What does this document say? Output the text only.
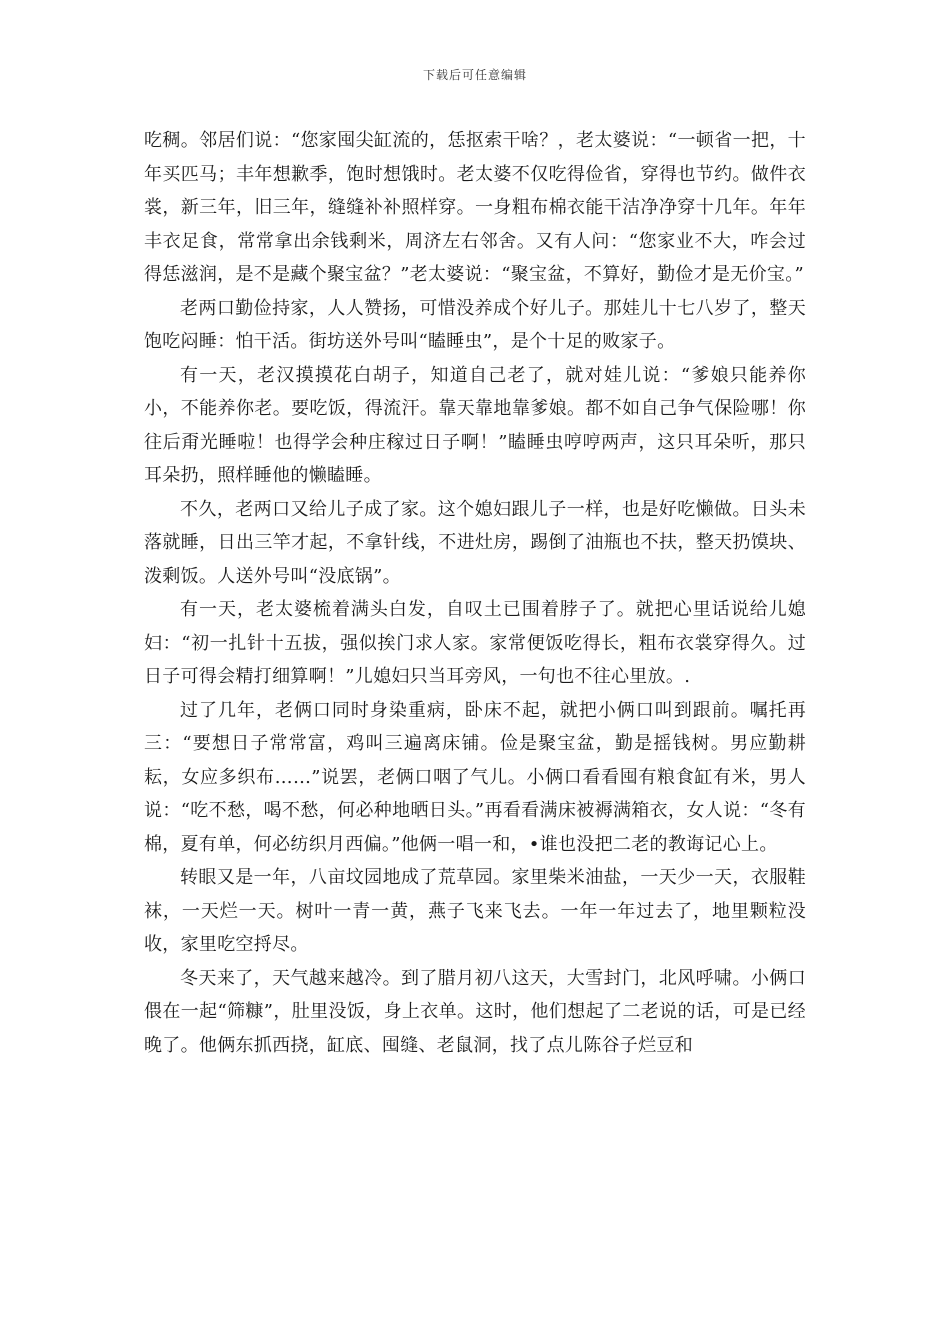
下载后可任意编辑

吃稠。邻居们说：“您家囤尖缸流的，恁抠索干啥？，老太婆说：“一顿省一把，十年买匹马；丰年想歉季，饱时想饿时。老太婆不仅吃得俭省，穿得也节约。做件衣裳，新三年，旧三年，缝缝补补照样穿。一身粗布棉衣能干洁净净穿十几年。年年丰衣足食，常常拿出余钱剩米，周济左右邻舍。又有人问：“您家业不大，咋会过得恁滋润，是不是藏个聚宝盆？”老太婆说：“聚宝盆，不算好，勤俭才是无价宝。”

老两口勤俭持家，人人赞扬，可惜没养成个好儿子。那娃儿十七八岁了，整天饱吃闷睡：怕干活。街坊送外号叫“瞌睡虫”，是个十足的败家子。

有一天，老汉摸摸花白胡子，知道自己老了，就对娃儿说：“爹娘只能养你小，不能养你老。要吃饭，得流汗。靠天靠地靠爹娘。都不如自己争气保险哪！你往后甭光睡啦！也得学会种庄稼过日子啊！”瞌睡虫哼哼两声，这只耳朵听，那只耳朵扔，照样睡他的懒瞌睡。

不久，老两口又给儿子成了家。这个媳妇跟儿子一样，也是好吃懒做。日头未落就睡，日出三竿才起，不拿针线，不进灶房，踢倒了油瓶也不扶，整天扔馍块、泼剩饭。人送外号叫“没底锅”。

有一天，老太婆梳着满头白发，自叹土已围着脖子了。就把心里话说给儿媳妇：“初一扎针十五拔，强似挨门求人家。家常便饭吃得长，粗布衣裳穿得久。过日子可得会精打细算啊！”儿媳妇只当耳旁风，一句也不往心里放。.

过了几年，老俩口同时身染重病，卧床不起，就把小俩口叫到跟前。嘱托再三：“要想日子常常富，鸡叫三遍离床铺。俭是聚宝盆，勤是摇钱树。男应勤耕耘，女应多织布……”说罢，老俩口咽了气儿。小俩口看看囤有粮食缸有米，男人说：“吃不愁，喝不愁，何必种地晒日头。”再看看满床被褥满箱衣，女人说：“冬有棉，夏有单，何必纺织月西偏。”他俩一唱一和，•谁也没把二老的教诲记心上。

转眼又是一年，八亩坟园地成了荒草园。家里柴米油盐，一天少一天，衣服鞋袜，一天烂一天。树叶一青一黄，燕子飞来飞去。一年一年过去了，地里颗粒没收，家里吃空捋尽。

冬天来了，天气越来越冷。到了腊月初八这天，大雪封门，北风呼啸。小俩口偎在一起“筛糠”，肚里没饭，身上衣单。这时，他们想起了二老说的话，可是已经晚了。他俩东抓西挠，缸底、囤缝、老鼠洞，找了点儿陈谷子烂豆和
